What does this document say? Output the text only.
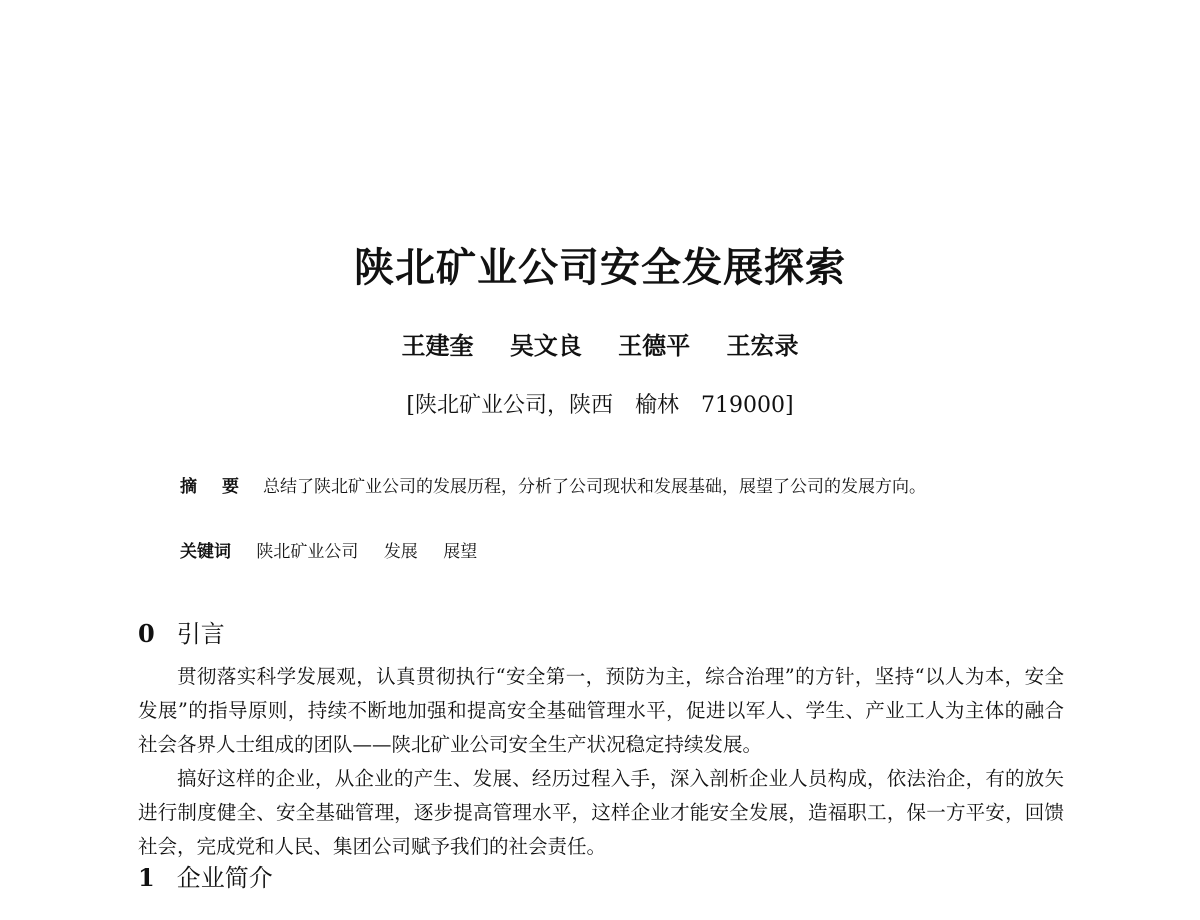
陕北矿业公司安全发展探索
王建奎 吴文良 王德平 王宏录
[陕北矿业公司，陕西　榆林　719000]
摘　要 总结了陕北矿业公司的发展历程，分析了公司现状和发展基础，展望了公司的发展方向。
关键词 陕北矿业公司 发展 展望
0 引言

贯彻落实科学发展观，认真贯彻执行“安全第一，预防为主，综合治理”的方针，坚持“以人为本，安全发展”的指导原则，持续不断地加强和提高安全基础管理水平，促进以军人、学生、产业工人为主体的融合社会各界人士组成的团队——陕北矿业公司安全生产状况稳定持续发展。

搞好这样的企业，从企业的产生、发展、经历过程入手，深入剖析企业人员构成，依法治企，有的放矢进行制度健全、安全基础管理，逐步提高管理水平，这样企业才能安全发展，造福职工，保一方平安，回馈社会，完成党和人民、集团公司赋予我们的社会责任。

1 企业简介
